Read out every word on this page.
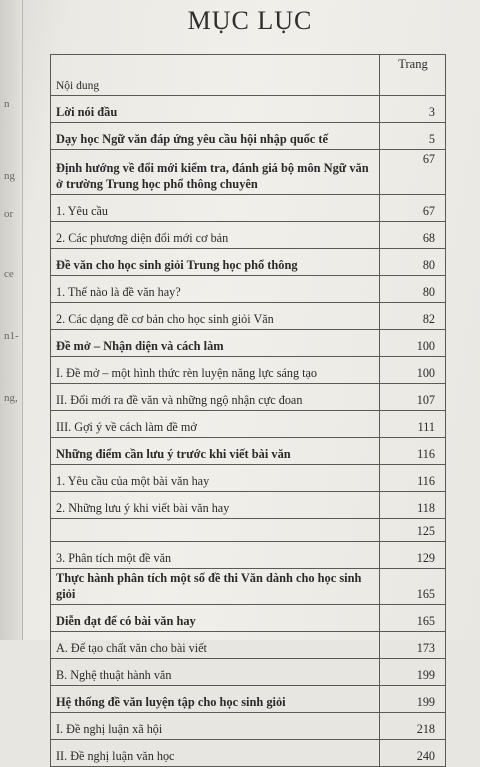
n
ng
or
ce
n1-
ng,
MỤC LỤC
Nội dung	Trang
Lời nói đầu	3
Dạy học Ngữ văn đáp ứng yêu cầu hội nhập quốc tế	5
Định hướng về đổi mới kiểm tra, đánh giá bộ môn Ngữ văn ở trường Trung học phổ thông chuyên	67
1. Yêu cầu	67
2. Các phương diện đổi mới cơ bản	68
Đề văn cho học sinh giỏi Trung học phổ thông	80
1. Thế nào là đề văn hay?	80
2. Các dạng đề cơ bản cho học sinh giỏi Văn	82
Đề mở – Nhận diện và cách làm	100
I. Đề mở – một hình thức rèn luyện năng lực sáng tạo	100
II. Đổi mới ra đề văn và những ngộ nhận cực đoan	107
III. Gợi ý về cách làm đề mở	111
Những điểm cần lưu ý trước khi viết bài văn	116
1. Yêu cầu của một bài văn hay	116
2. Những lưu ý khi viết bài văn hay	118
	125
3. Phân tích một đề văn	129
Thực hành phân tích một số đề thi Văn dành cho học sinh giỏi	165
Diễn đạt để có bài văn hay	165
A. Để tạo chất văn cho bài viết	173
B. Nghệ thuật hành văn	199
Hệ thống đề văn luyện tập cho học sinh giỏi	199
I. Đề nghị luận xã hội	218
II. Đề nghị luận văn học	240
